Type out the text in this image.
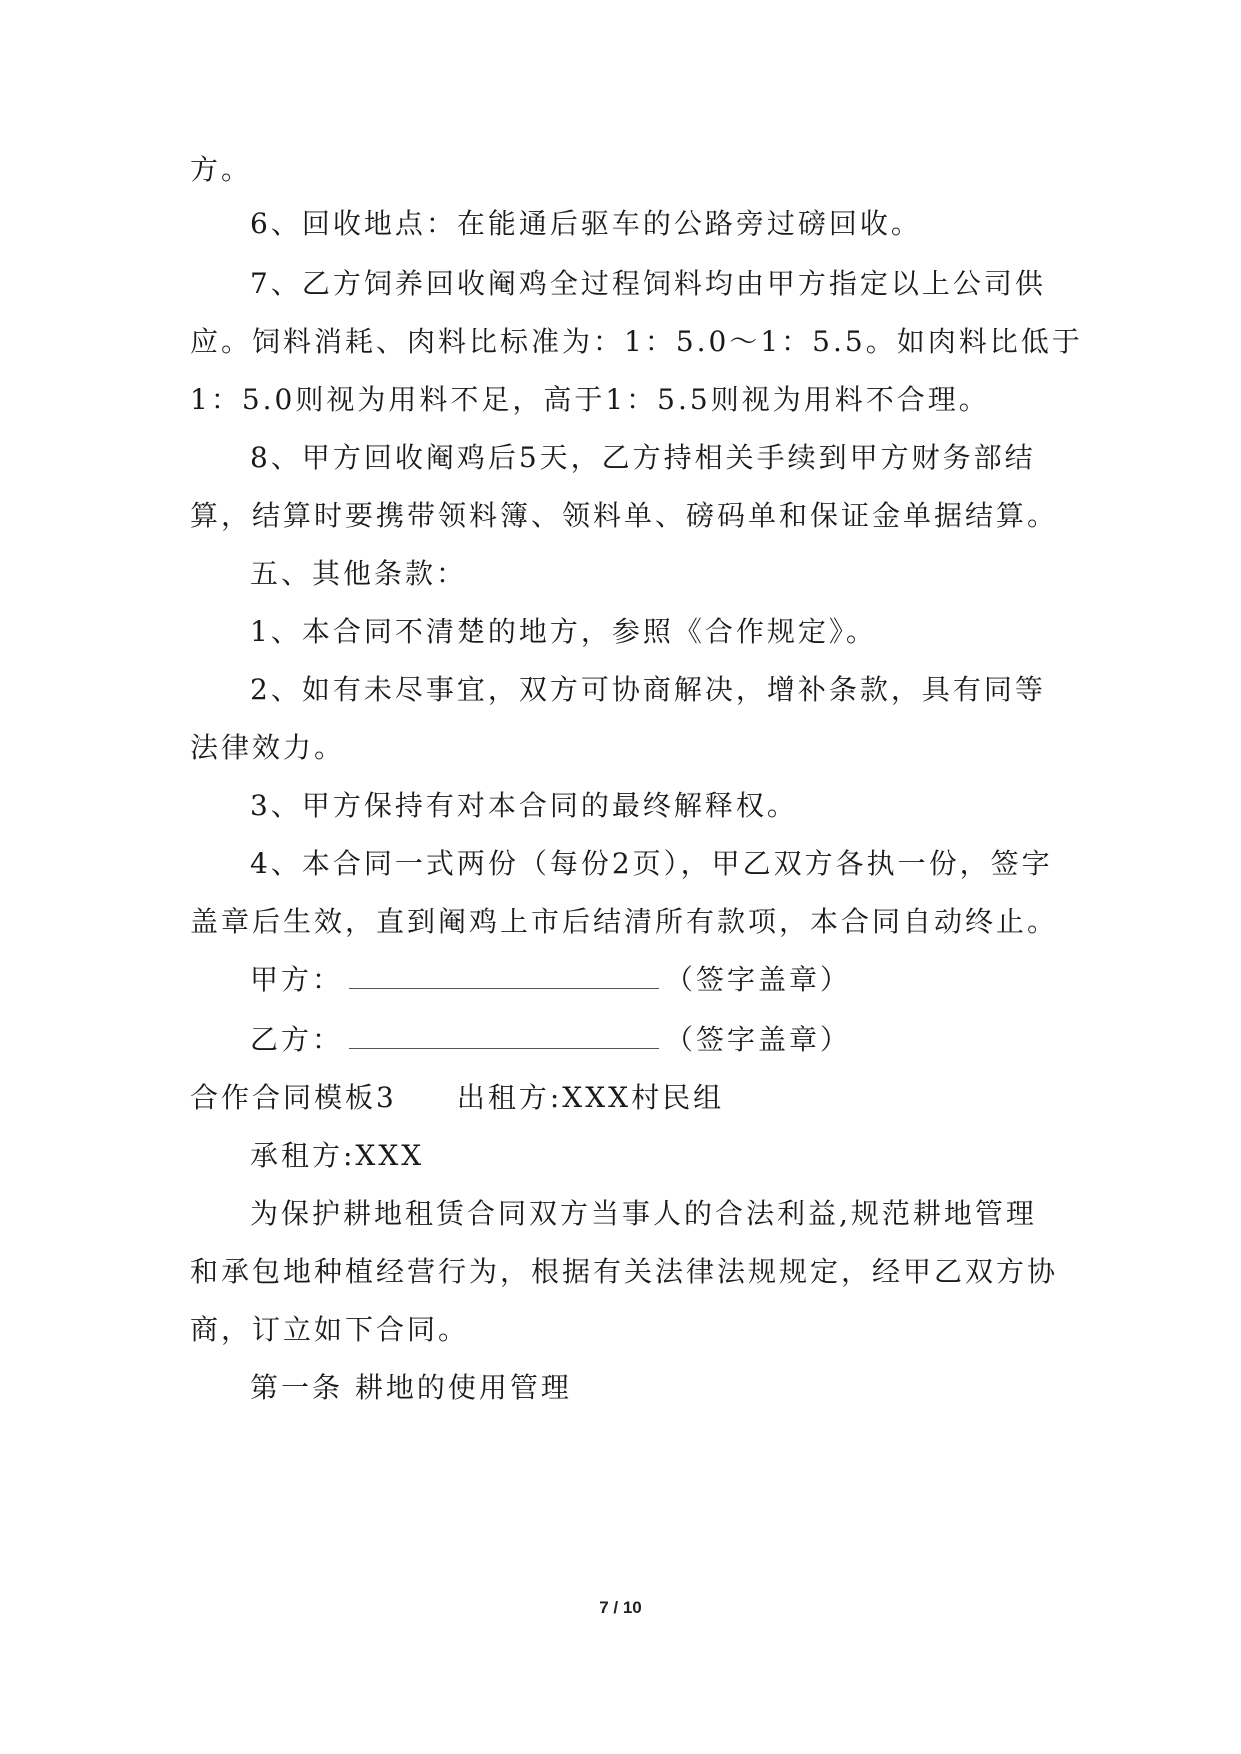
方。
6、回收地点：在能通后驱车的公路旁过磅回收。
7、乙方饲养回收阉鸡全过程饲料均由甲方指定以上公司供
应。饲料消耗、肉料比标准为：1：5.0～1：5.5。如肉料比低于
1：5.0则视为用料不足，高于1：5.5则视为用料不合理。
8、甲方回收阉鸡后5天，乙方持相关手续到甲方财务部结
算，结算时要携带领料簿、领料单、磅码单和保证金单据结算。
五、其他条款：
1、本合同不清楚的地方，参照《合作规定》。
2、如有未尽事宜，双方可协商解决，增补条款，具有同等
法律效力。
3、甲方保持有对本合同的最终解释权。
4、本合同一式两份（每份2页），甲乙双方各执一份，签字
盖章后生效，直到阉鸡上市后结清所有款项，本合同自动终止。
甲方：	（签字盖章）
乙方：	（签字盖章）
合作合同模板3 出租方:XXX村民组
承租方:XXX
为保护耕地租赁合同双方当事人的合法利益,规范耕地管理
和承包地种植经营行为，根据有关法律法规规定，经甲乙双方协
商，订立如下合同。
第一条 耕地的使用管理
7 / 10
